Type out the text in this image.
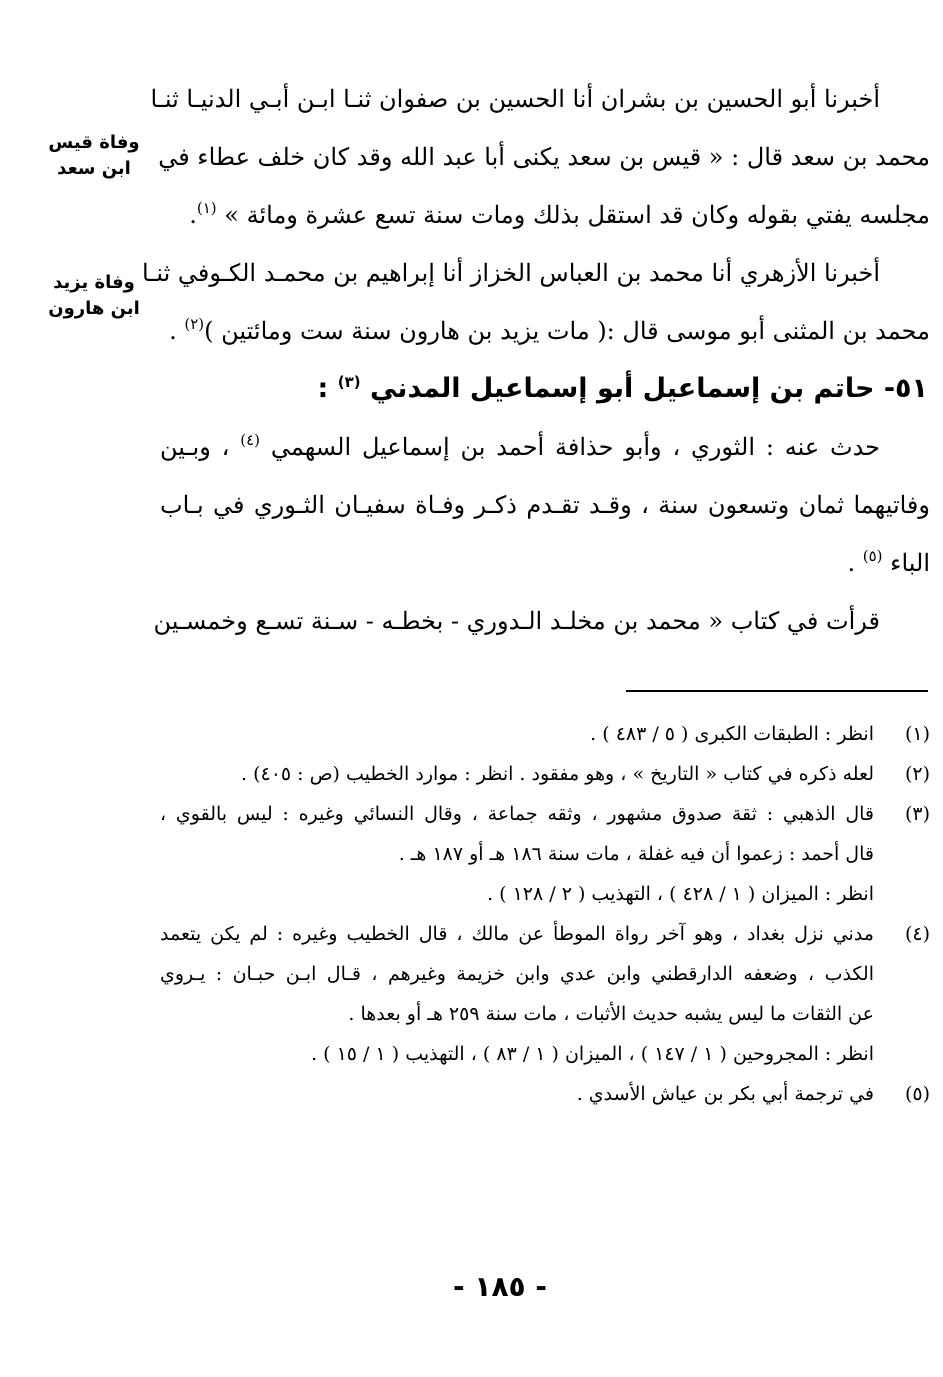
وفاة قيس
ابن سعد
وفاة يزيد
ابن هارون
أخبرنا أبو الحسين بن بشران أنا الحسين بن صفوان ثنـا ابـن أبـي الدنيـا ثنـا
محمد بن سعد قال : « قيس بن سعد يكنى أبا عبد الله وقد كان خلف عطاء في
مجلسه يفتي بقوله وكان قد استقل بذلك ومات سنة تسع عشرة ومائة » $^{(١)}$.
أخبرنا الأزهري أنا محمد بن العباس الخزاز أنا إبراهيم بن محمـد الكـوفي ثنـا
محمد بن المثنى أبو موسى قال :( مات يزيد بن هارون سنة ست ومائتين )$^{(٢)}$ .
٥١- حاتم بن إسماعيل أبو إسماعيل المدني $^{(٣)}$ :
حدث عنه : الثوري ، وأبو حذافة أحمد بن إسماعيل السهمي $^{(٤)}$ ، وبـين
وفاتيهما ثمان وتسعون سنة ، وقـد تقـدم ذكـر وفـاة سفيـان الثـوري في بـاب
الباء $^{(٥)}$ .
قرأت في كتاب « محمد بن مخلـد الـدوري - بخطـه - سـنة تسـع وخمسـين
(١)
انظر : الطبقات الكبرى ( ٥ / ٤٨٣ ) .
(٢)
لعله ذكره في كتاب « التاريخ » ، وهو مفقود . انظر : موارد الخطيب (ص : ٤٠٥) .
(٣)
قال الذهبي : ثقة صدوق مشهور ، وثقه جماعة ، وقال النسائي وغيره : ليس بالقوي ،
قال أحمد : زعموا أن فيه غفلة ، مات سنة ١٨٦ هـ أو ١٨٧ هـ .
انظر : الميزان ( ١ / ٤٢٨ ) ، التهذيب ( ٢ / ١٢٨ ) .
(٤)
مدني نزل بغداد ، وهو آخر رواة الموطأ عن مالك ، قال الخطيب وغيره : لم يكن يتعمد
الكذب ، وضعفه الدارقطني وابن عدي وابن خزيمة وغيرهم ، قـال ابـن حبـان : يـروي
عن الثقات ما ليس يشبه حديث الأثبات ، مات سنة ٢٥٩ هـ أو بعدها .
انظر : المجروحين ( ١ / ١٤٧ ) ، الميزان ( ١ / ٨٣ ) ، التهذيب ( ١ / ١٥ ) .
(٥)
في ترجمة أبي بكر بن عياش الأسدي .
- ١٨٥ -
